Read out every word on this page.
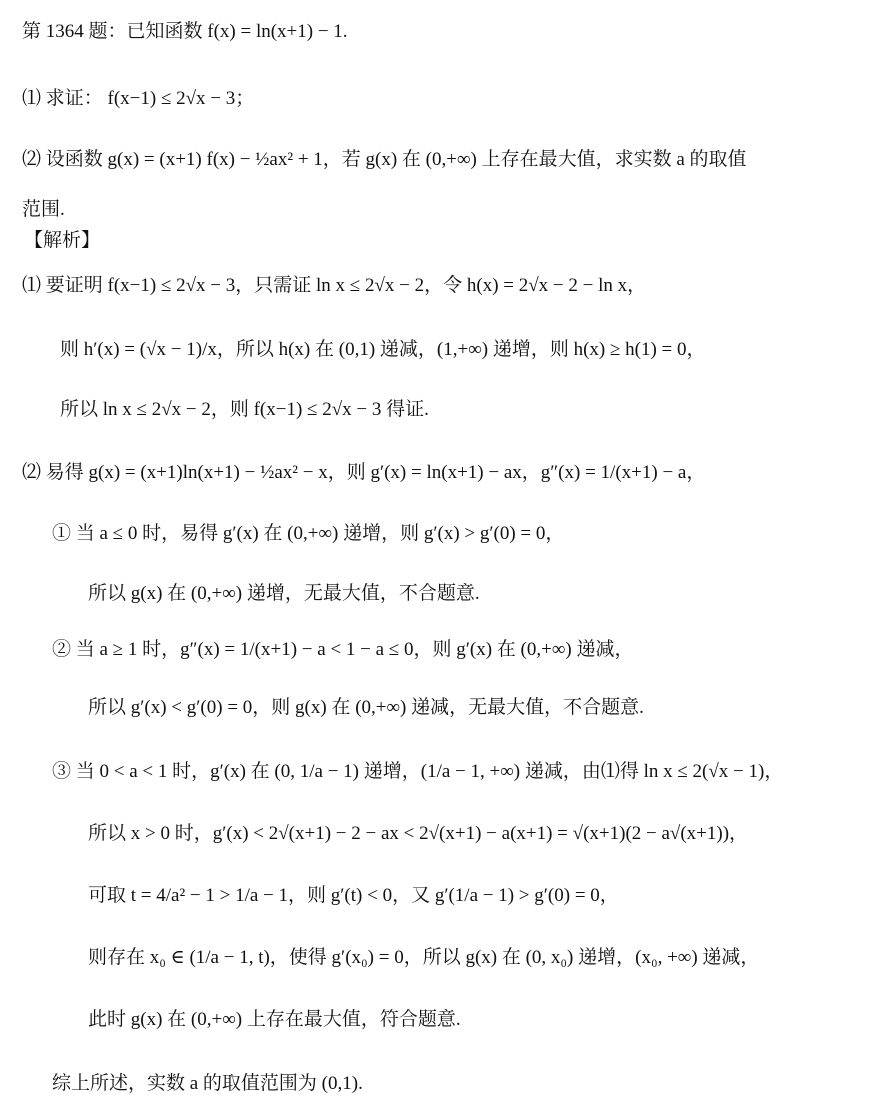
第 1364 题：已知函数 f(x) = ln(x+1) − 1.
⑴ 求证： f(x−1) ≤ 2√x − 3；
⑵ 设函数 g(x) = (x+1) f(x) − ½ax² + 1，若 g(x) 在 (0,+∞) 上存在最大值，求实数 a 的取值
范围.
【解析】
⑴ 要证明 f(x−1) ≤ 2√x − 3，只需证 ln x ≤ 2√x − 2，令 h(x) = 2√x − 2 − ln x，
则 h′(x) = (√x − 1)/x，所以 h(x) 在 (0,1) 递减，(1,+∞) 递增，则 h(x) ≥ h(1) = 0，
所以 ln x ≤ 2√x − 2，则 f(x−1) ≤ 2√x − 3 得证.
⑵ 易得 g(x) = (x+1)ln(x+1) − ½ax² − x，则 g′(x) = ln(x+1) − ax，g″(x) = 1/(x+1) − a，
① 当 a ≤ 0 时，易得 g′(x) 在 (0,+∞) 递增，则 g′(x) > g′(0) = 0，
所以 g(x) 在 (0,+∞) 递增，无最大值，不合题意.
② 当 a ≥ 1 时，g″(x) = 1/(x+1) − a < 1 − a ≤ 0，则 g′(x) 在 (0,+∞) 递减，
所以 g′(x) < g′(0) = 0，则 g(x) 在 (0,+∞) 递减，无最大值，不合题意.
③ 当 0 < a < 1 时，g′(x) 在 (0, 1/a − 1) 递增，(1/a − 1, +∞) 递减，由⑴得 ln x ≤ 2(√x − 1)，
所以 x > 0 时，g′(x) < 2√(x+1) − 2 − ax < 2√(x+1) − a(x+1) = √(x+1)(2 − a√(x+1))，
可取 t = 4/a² − 1 > 1/a − 1，则 g′(t) < 0，又 g′(1/a − 1) > g′(0) = 0，
则存在 x₀ ∈ (1/a − 1, t)，使得 g′(x₀) = 0，所以 g(x) 在 (0, x₀) 递增，(x₀, +∞) 递减，
此时 g(x) 在 (0,+∞) 上存在最大值，符合题意.
综上所述，实数 a 的取值范围为 (0,1).
